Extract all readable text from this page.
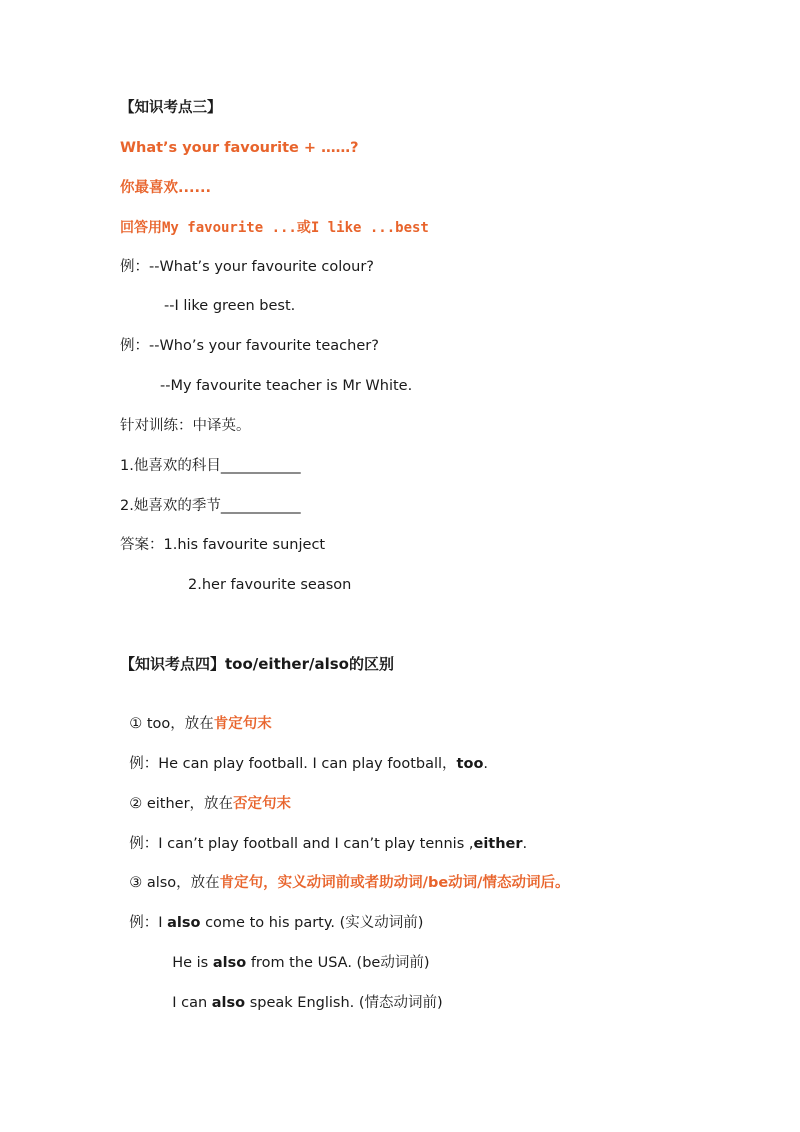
【知识考点三】
What’s your favourite + ……?
你最喜欢......
回答用My favourite ...或I like ...best
例：--What’s your favourite colour?
--I like green best.
例：--Who’s your favourite teacher?
--My favourite teacher is Mr White.
针对训练：中译英。
1.他喜欢的科目___________
2.她喜欢的季节___________
答案：1.his favourite sunject
2.her favourite season
【知识考点四】too/either/also的区别

① too，放在肯定句末

例：He can play football. I can play football，too.

② either，放在否定句末

例：I can’t play football and I can’t play tennis ,either.

③ also，放在肯定句，实义动词前或者助动词/be动词/情态动词后。

例：I also come to his party. (实义动词前)

He is also from the USA. (be动词前)

I can also speak English. (情态动词前)
